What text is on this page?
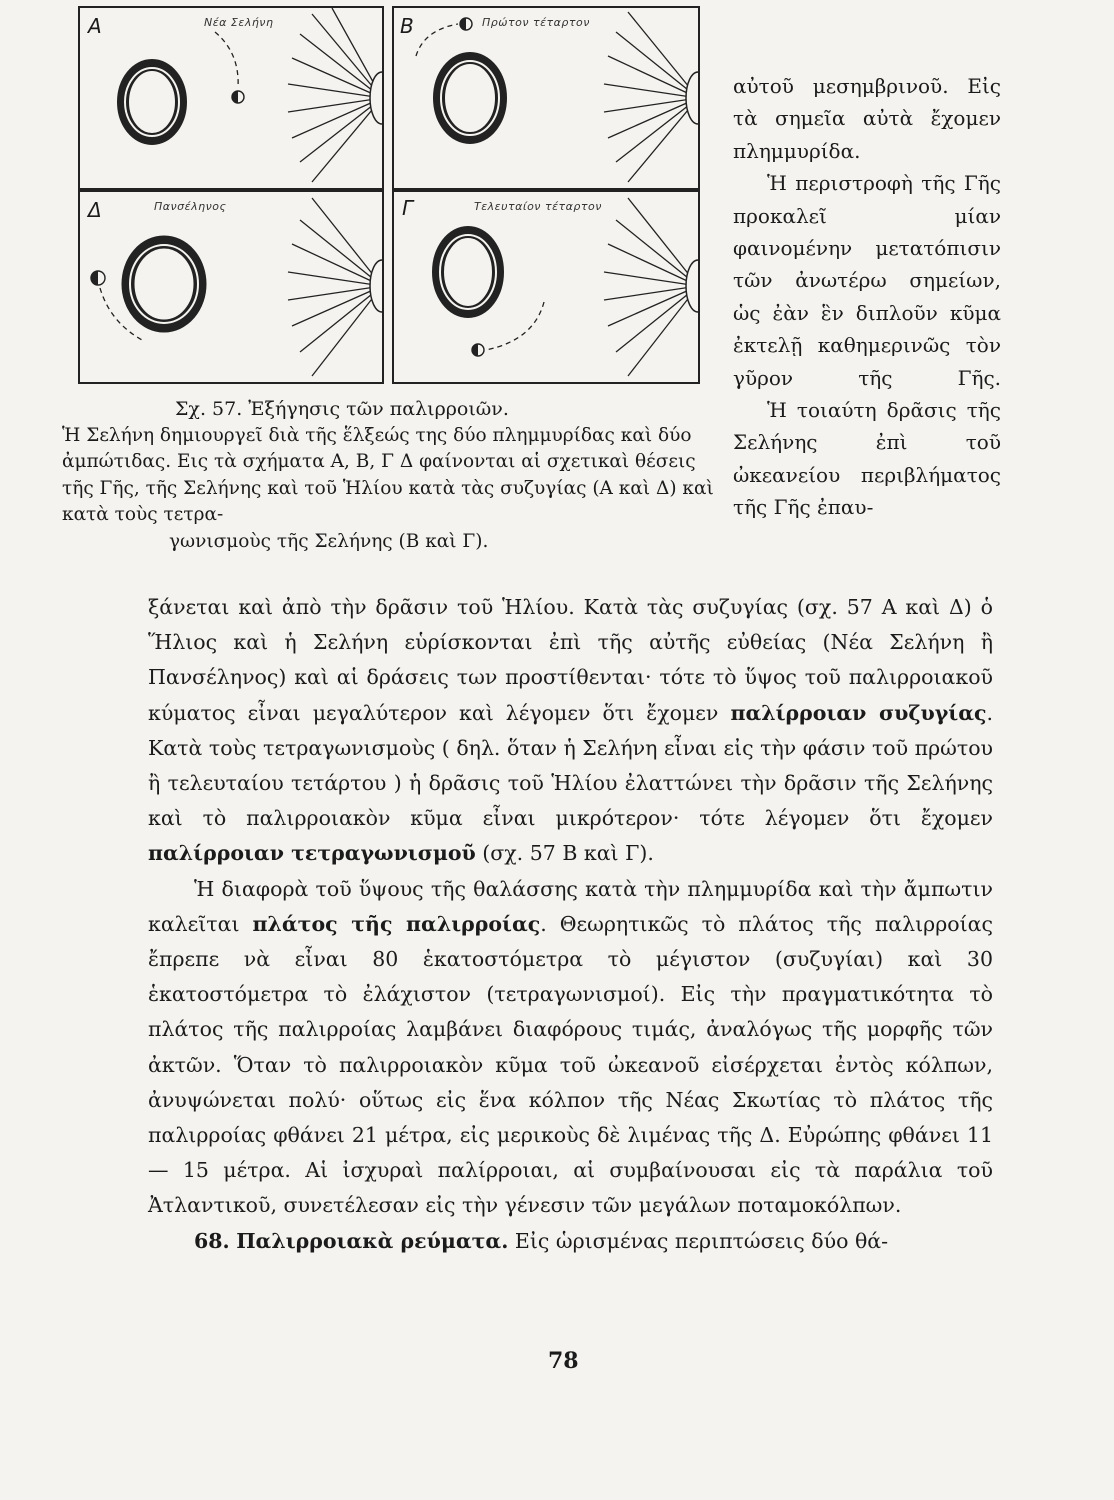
A	Νέα Σελήνη	B	Πρώτον τέταρτον
Δ	Πανσέληνος	Γ	Τελευταίον τέταρτον
Σχ. 57. Ἐξήγησις τῶν παλιρροιῶν.
Ἡ Σελήνη δημιουργεῖ διὰ τῆς ἕλξεώς της δύο πλημμυρίδας καὶ δύο ἀμπώτιδας. Εις τὰ σχήματα Α, Β, Γ Δ φαίνονται αἱ σχετικαὶ θέσεις τῆς Γῆς, τῆς Σελήνης καὶ τοῦ Ἡλίου κατὰ τὰς συζυγίας (Α καὶ Δ) καὶ κατὰ τοὺς τετρα-
γωνισμοὺς τῆς Σελήνης (Β καὶ Γ).

αὐτοῦ μεσημβρινοῦ. Εἰς τὰ σημεῖα αὐτὰ ἔχομεν πλημμυρίδα.

Ἡ περιστροφὴ τῆς Γῆς προκαλεῖ μίαν φαινομένην μετατόπισιν τῶν ἀνωτέρω σημείων, ὡς ἐὰν ἓν διπλοῦν κῦμα ἐκτελῇ καθημερινῶς τὸν γῦρον τῆς Γῆς.

Ἡ τοιαύτη δρᾶσις τῆς Σελήνης ἐπὶ τοῦ ὠκεανείου περιβλήματος τῆς Γῆς ἐπαυ-

ξάνεται καὶ ἀπὸ τὴν δρᾶσιν τοῦ Ἡλίου. Κατὰ τὰς συζυγίας (σχ. 57 Α καὶ Δ) ὁ Ἥλιος καὶ ἡ Σελήνη εὑρίσκονται ἐπὶ τῆς αὐτῆς εὐθείας (Νέα Σελήνη ἢ Πανσέληνος) καὶ αἱ δράσεις των προστίθενται· τότε τὸ ὕψος τοῦ παλιρροιακοῦ κύματος εἶναι μεγαλύτερον καὶ λέγομεν ὅτι ἔχομεν παλίρροιαν συζυγίας. Κατὰ τοὺς τετραγωνισμοὺς ( δηλ. ὅταν ἡ Σελήνη εἶναι εἰς τὴν φάσιν τοῦ πρώτου ἢ τελευταίου τετάρτου ) ἡ δρᾶσις τοῦ Ἡλίου ἐλαττώνει τὴν δρᾶσιν τῆς Σελήνης καὶ τὸ παλιρροιακὸν κῦμα εἶναι μικρότερον· τότε λέγομεν ὅτι ἔχομεν παλίρροιαν τετραγωνισμοῦ (σχ. 57 Β καὶ Γ).

Ἡ διαφορὰ τοῦ ὕψους τῆς θαλάσσης κατὰ τὴν πλημμυρίδα καὶ τὴν ἄμπωτιν καλεῖται πλάτος τῆς παλιρροίας. Θεωρητικῶς τὸ πλάτος τῆς παλιρροίας ἔπρεπε νὰ εἶναι 80 ἑκατοστόμετρα τὸ μέγιστον (συζυγίαι) καὶ 30 ἑκατοστόμετρα τὸ ἐλάχιστον (τετραγωνισμοί). Εἰς τὴν πραγματικότητα τὸ πλάτος τῆς παλιρροίας λαμβάνει διαφόρους τιμάς, ἀναλόγως τῆς μορφῆς τῶν ἀκτῶν. Ὅταν τὸ παλιρροιακὸν κῦμα τοῦ ὠκεανοῦ εἰσέρχεται ἐντὸς κόλπων, ἀνυψώνεται πολύ· οὕτως εἰς ἕνα κόλπον τῆς Νέας Σκωτίας τὸ πλάτος τῆς παλιρροίας φθάνει 21 μέτρα, εἰς μερικοὺς δὲ λιμένας τῆς Δ. Εὐρώπης φθάνει 11 — 15 μέτρα. Αἱ ἰσχυραὶ παλίρροιαι, αἱ συμβαίνουσαι εἰς τὰ παράλια τοῦ Ἀτλαντικοῦ, συνετέλεσαν εἰς τὴν γένεσιν τῶν μεγάλων ποταμοκόλπων.

68. Παλιρροιακὰ ρεύματα. Εἰς ὡρισμένας περιπτώσεις δύο θά-

78
